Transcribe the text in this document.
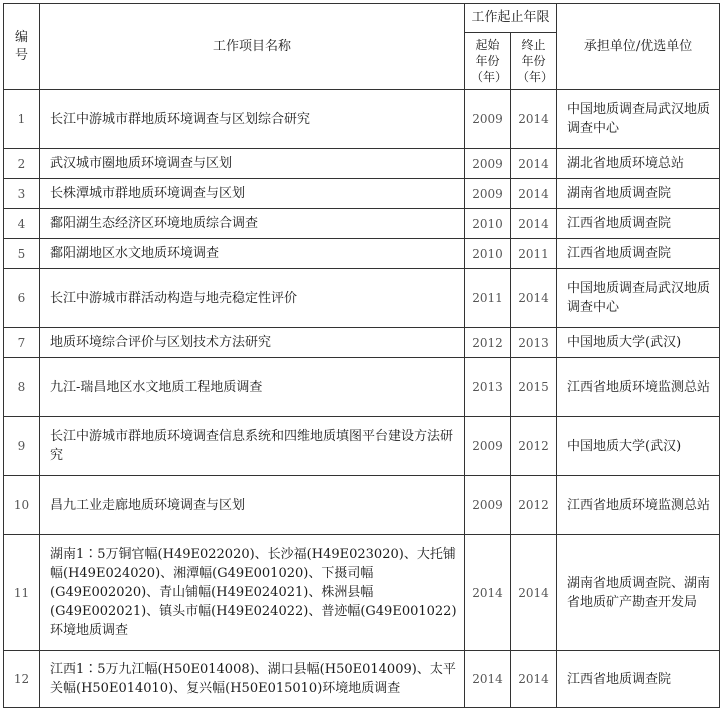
编号	工作项目名称	工作起止年限		承担单位/优选单位
		起始年份（年）	终止年份（年）	
1	长江中游城市群地质环境调查与区划综合研究	2009	2014	中国地质调查局武汉地质调查中心
2	武汉城市圈地质环境调查与区划	2009	2014	湖北省地质环境总站
3	长株潭城市群地质环境调查与区划	2009	2014	湖南省地质调查院
4	鄱阳湖生态经济区环境地质综合调查	2010	2014	江西省地质调查院
5	鄱阳湖地区水文地质环境调查	2010	2011	江西省地质调查院
6	长江中游城市群活动构造与地壳稳定性评价	2011	2014	中国地质调查局武汉地质调查中心
7	地质环境综合评价与区划技术方法研究	2012	2013	中国地质大学(武汉)
8	九江-瑞昌地区水文地质工程地质调查	2013	2015	江西省地质环境监测总站
9	长江中游城市群地质环境调查信息系统和四维地质填图平台建设方法研究	2009	2012	中国地质大学(武汉)
10	昌九工业走廊地质环境调查与区划	2009	2012	江西省地质环境监测总站
11	湖南1∶5万铜官幅(H49E022020)、长沙福(H49E023020)、大托铺幅(H49E024020)、湘潭幅(G49E001020)、下摄司幅(G49E002020)、青山铺幅(H49E024021)、株洲县幅(G49E002021)、镇头市幅(H49E024022)、普迹幅(G49E001022)环境地质调查	2014	2014	湖南省地质调查院、湖南省地质矿产勘查开发局
12	江西1∶5万九江幅(H50E014008)、湖口县幅(H50E014009)、太平关幅(H50E014010)、复兴幅(H50E015010)环境地质调查	2014	2014	江西省地质调查院
